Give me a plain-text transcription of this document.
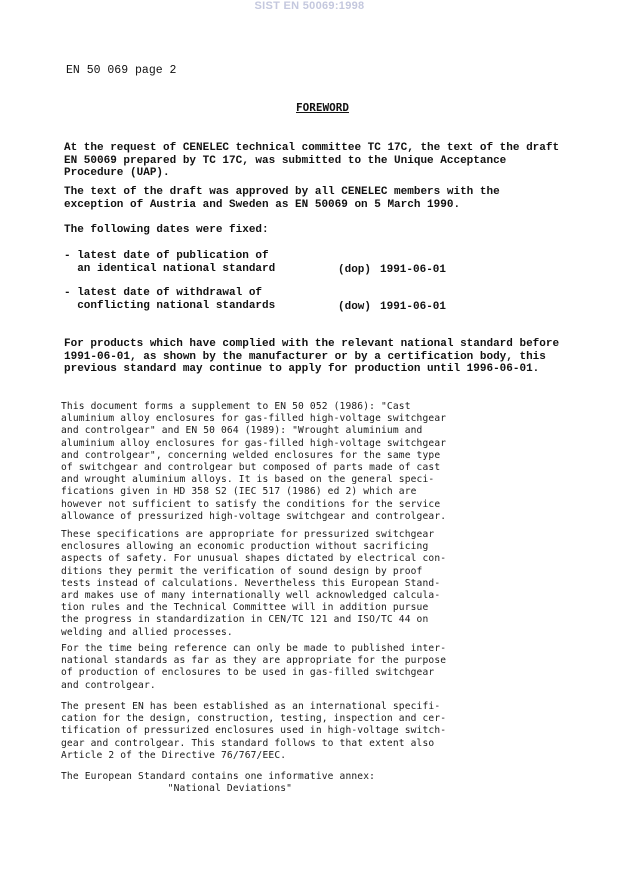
SIST EN 50069:1998
EN 50 069 page 2
FOREWORD

At the request of CENELEC technical committee TC 17C, the text of the draft
EN 50069 prepared by TC 17C, was submitted to the Unique Acceptance
Procedure (UAP).

The text of the draft was approved by all CENELEC members with the
exception of Austria and Sweden as EN 50069 on 5 March 1990.

The following dates were fixed:

- latest date of publication of
an identical national standard	(dop) 1991-06-01

- latest date of withdrawal of
conflicting national standards	(dow) 1991-06-01

For products which have complied with the relevant national standard before
1991-06-01, as shown by the manufacturer or by a certification body, this
previous standard may continue to apply for production until 1996-06-01.

This document forms a supplement to EN 50 052 (1986): "Cast
aluminium alloy enclosures for gas-filled high-voltage switchgear
and controlgear" and EN 50 064 (1989): "Wrought aluminium and
aluminium alloy enclosures for gas-filled high-voltage switchgear
and controlgear", concerning welded enclosures for the same type
of switchgear and controlgear but composed of parts made of cast
and wrought aluminium alloys. It is based on the general speci-
fications given in HD 358 S2 (IEC 517 (1986) ed 2) which are
however not sufficient to satisfy the conditions for the service
allowance of pressurized high-voltage switchgear and controlgear.

These specifications are appropriate for pressurized switchgear
enclosures allowing an economic production without sacrificing
aspects of safety. For unusual shapes dictated by electrical con-
ditions they permit the verification of sound design by proof
tests instead of calculations. Nevertheless this European Stand-
ard makes use of many internationally well acknowledged calcula-
tion rules and the Technical Committee will in addition pursue
the progress in standardization in CEN/TC 121 and ISO/TC 44 on
welding and allied processes.

For the time being reference can only be made to published inter-
national standards as far as they are appropriate for the purpose
of production of enclosures to be used in gas-filled switchgear
and controlgear.

The present EN has been established as an international specifi-
cation for the design, construction, testing, inspection and cer-
tification of pressurized enclosures used in high-voltage switch-
gear and controlgear. This standard follows to that extent also
Article 2 of the Directive 76/767/EEC.

The European Standard contains one informative annex:
"National Deviations"
